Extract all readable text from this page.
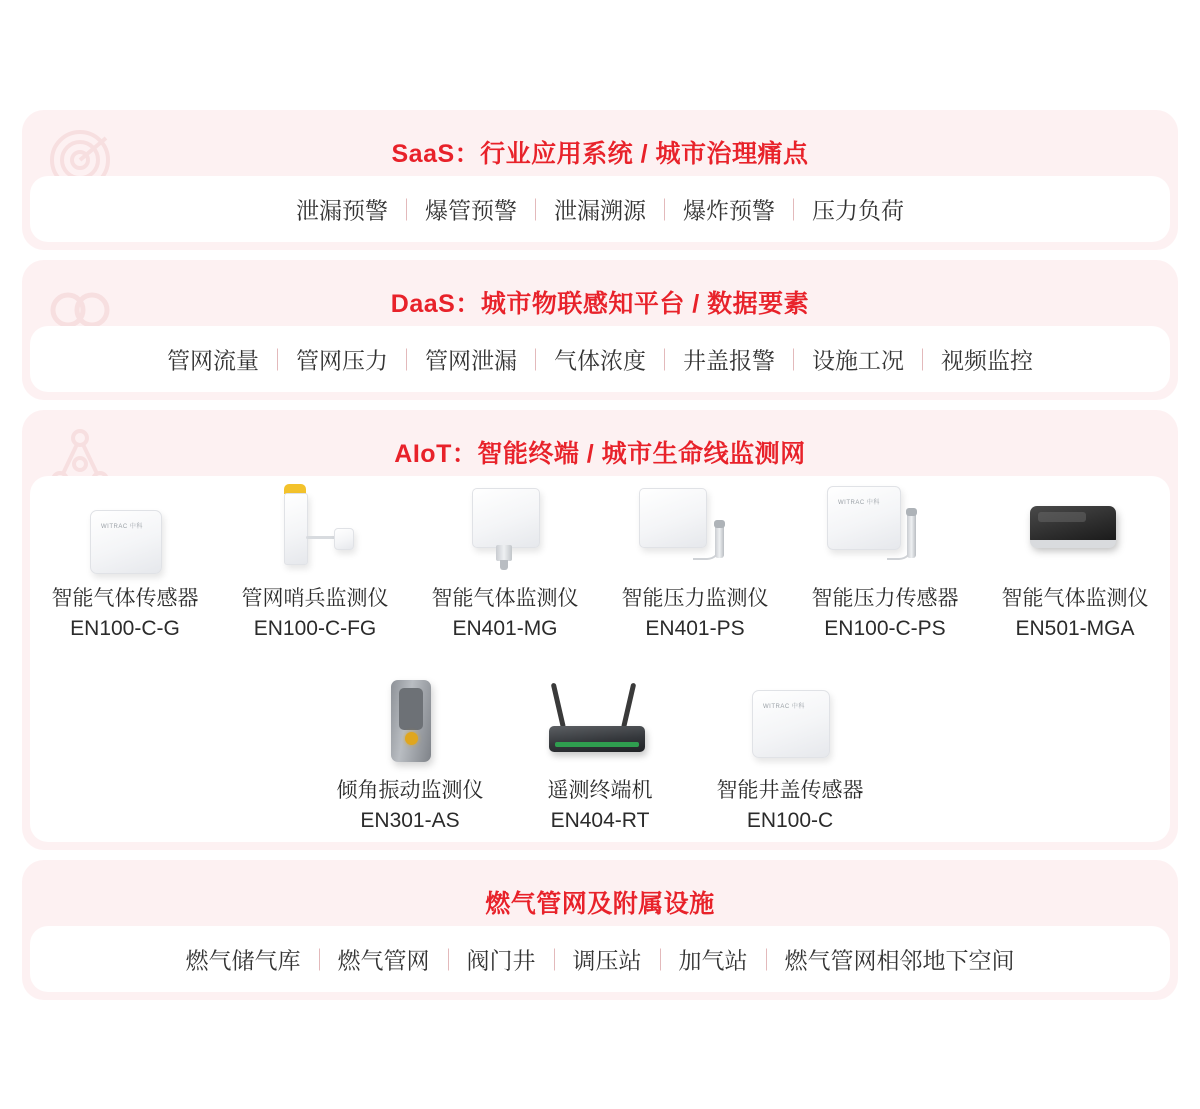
SaaS：行业应用系统 / 城市治理痛点
泄漏预警	爆管预警	泄漏溯源	爆炸预警	压力负荷
DaaS：城市物联感知平台 / 数据要素
管网流量	管网压力	管网泄漏	气体浓度	井盖报警	设施工况	视频监控
AIoT：智能终端 / 城市生命线监测网
WITRAC 中科
智能气体传感器
EN100-C-G
管网哨兵监测仪
EN100-C-FG
智能气体监测仪
EN401-MG
智能压力监测仪
EN401-PS
WITRAC 中科
智能压力传感器
EN100-C-PS
智能气体监测仪
EN501-MGA
倾角振动监测仪
EN301-AS
遥测终端机
EN404-RT
WITRAC 中科
智能井盖传感器
EN100-C
燃气管网及附属设施
燃气储气库	燃气管网	阀门井	调压站	加气站	燃气管网相邻地下空间
